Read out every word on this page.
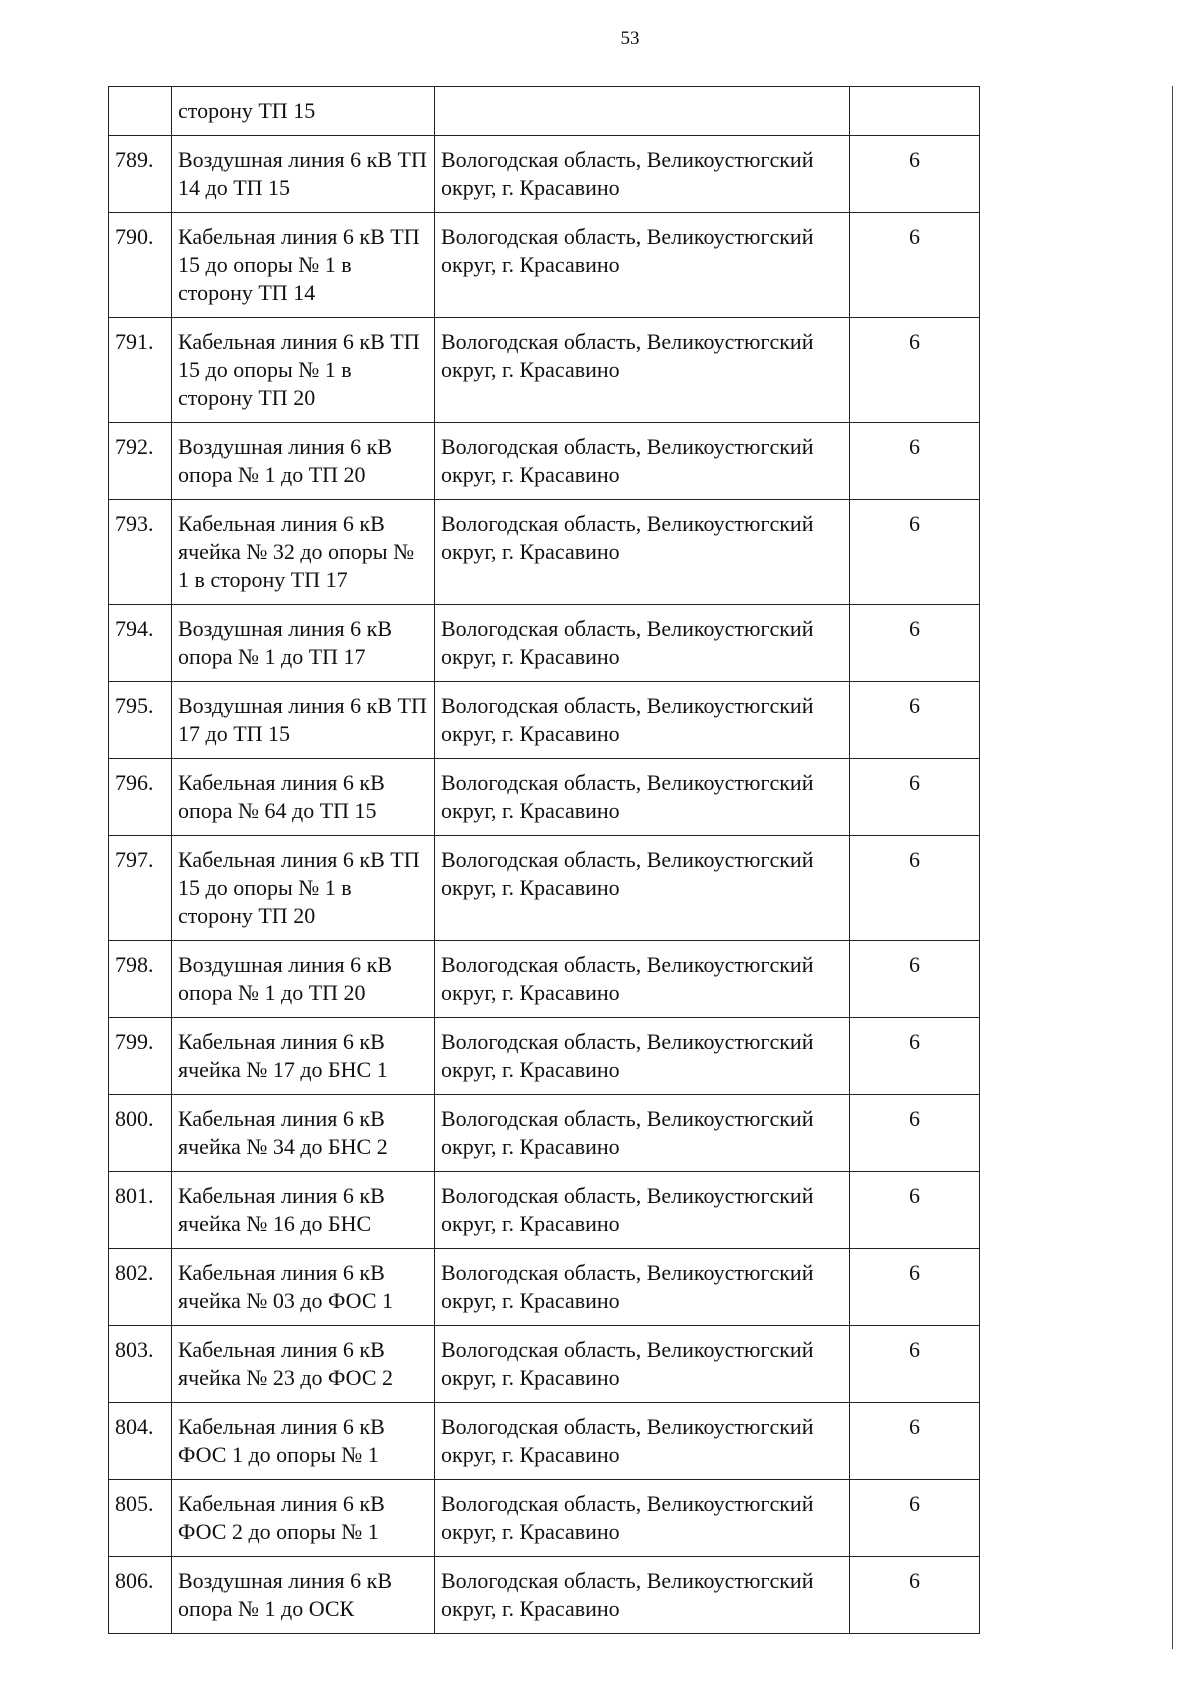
53
	сторону ТП 15		
789.	Воздушная линия 6 кВ ТП 14 до ТП 15	Вологодская область, Великоустюгский округ, г. Красавино	6
790.	Кабельная линия 6 кВ ТП 15 до опоры № 1 в сторону ТП 14	Вологодская область, Великоустюгский округ, г. Красавино	6
791.	Кабельная линия 6 кВ ТП 15 до опоры № 1 в сторону ТП 20	Вологодская область, Великоустюгский округ, г. Красавино	6
792.	Воздушная линия 6 кВ опора № 1 до ТП 20	Вологодская область, Великоустюгский округ, г. Красавино	6
793.	Кабельная линия 6 кВ ячейка № 32 до опоры № 1 в сторону ТП 17	Вологодская область, Великоустюгский округ, г. Красавино	6
794.	Воздушная линия 6 кВ опора № 1 до ТП 17	Вологодская область, Великоустюгский округ, г. Красавино	6
795.	Воздушная линия 6 кВ ТП 17 до ТП 15	Вологодская область, Великоустюгский округ, г. Красавино	6
796.	Кабельная линия 6 кВ опора № 64 до ТП 15	Вологодская область, Великоустюгский округ, г. Красавино	6
797.	Кабельная линия 6 кВ ТП 15 до опоры № 1 в сторону ТП 20	Вологодская область, Великоустюгский округ, г. Красавино	6
798.	Воздушная линия 6 кВ опора № 1 до ТП 20	Вологодская область, Великоустюгский округ, г. Красавино	6
799.	Кабельная линия 6 кВ ячейка № 17 до БНС 1	Вологодская область, Великоустюгский округ, г. Красавино	6
800.	Кабельная линия 6 кВ ячейка № 34 до БНС 2	Вологодская область, Великоустюгский округ, г. Красавино	6
801.	Кабельная линия 6 кВ ячейка № 16 до БНС	Вологодская область, Великоустюгский округ, г. Красавино	6
802.	Кабельная линия 6 кВ ячейка № 03 до ФОС 1	Вологодская область, Великоустюгский округ, г. Красавино	6
803.	Кабельная линия 6 кВ ячейка № 23 до ФОС 2	Вологодская область, Великоустюгский округ, г. Красавино	6
804.	Кабельная линия 6 кВ ФОС 1 до опоры № 1	Вологодская область, Великоустюгский округ, г. Красавино	6
805.	Кабельная линия 6 кВ ФОС 2 до опоры № 1	Вологодская область, Великоустюгский округ, г. Красавино	6
806.	Воздушная линия 6 кВ опора № 1 до ОСК	Вологодская область, Великоустюгский округ, г. Красавино	6
